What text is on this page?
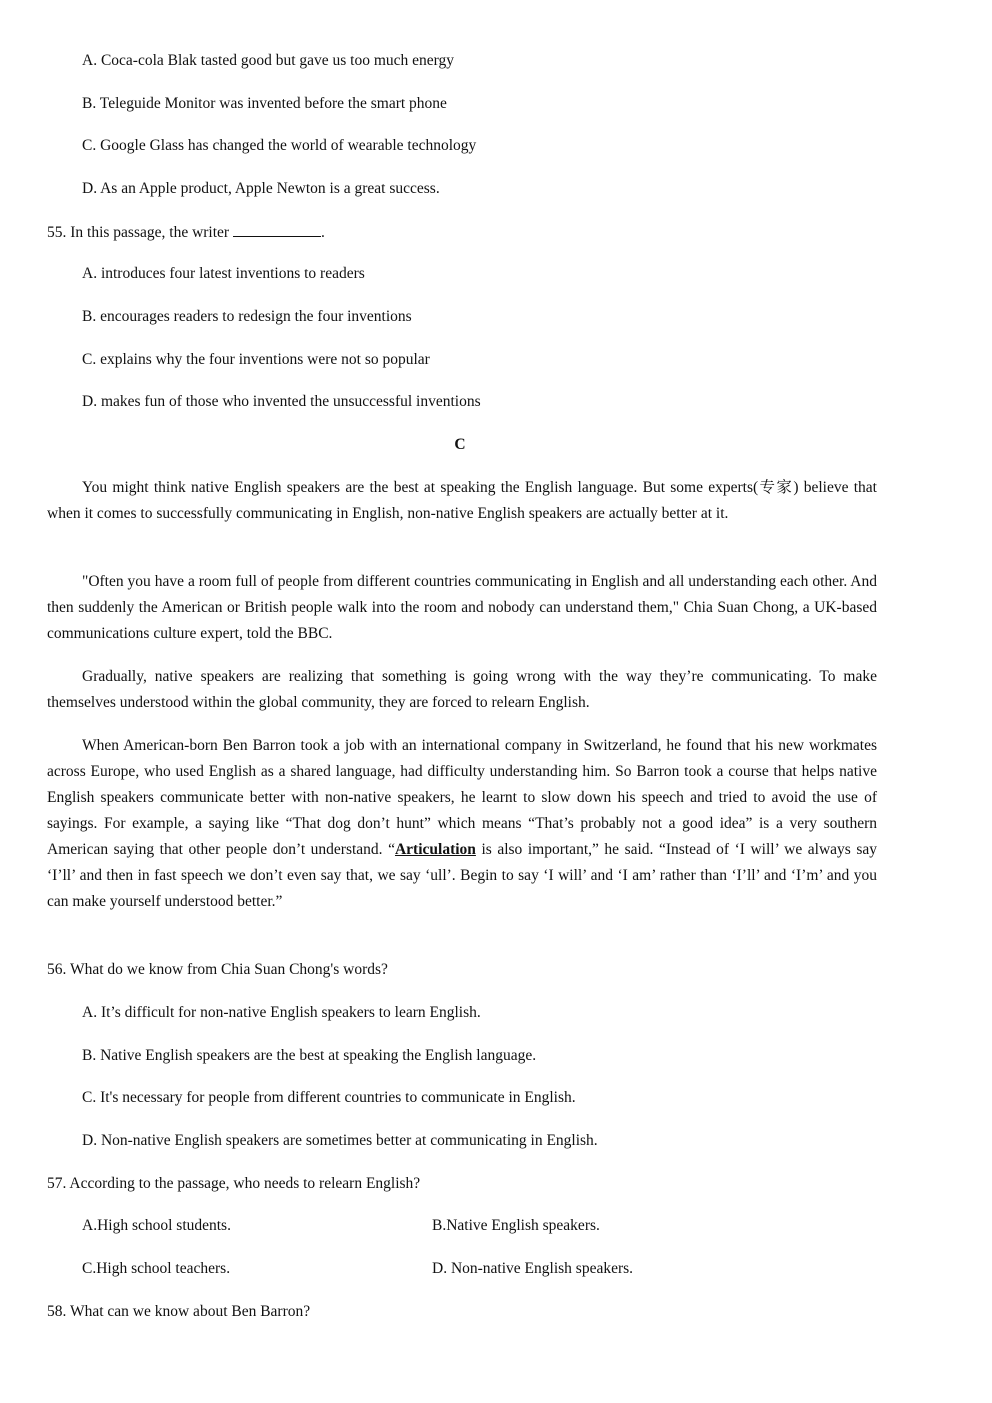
A. Coca-cola Blak tasted good but gave us too much energy
B. Teleguide Monitor was invented before the smart phone
C. Google Glass has changed the world of wearable technology
D. As an Apple product, Apple Newton is a great success.
55. In this passage, the writer	.
A. introduces four latest inventions to readers
B. encourages readers to redesign the four inventions
C. explains why the four inventions were not so popular
D. makes fun of those who invented the unsuccessful inventions
C
You might think native English speakers are the best at speaking the English language. But some experts(专家) believe that when it comes to successfully communicating in English, non-native English speakers are actually better at it.
"Often you have a room full of people from different countries communicating in English and all understanding each other. And then suddenly the American or British people walk into the room and nobody can understand them," Chia Suan Chong, a UK-based communications culture expert, told the BBC.
Gradually, native speakers are realizing that something is going wrong with the way they’re communicating. To make themselves understood within the global community, they are forced to relearn English.
When American-born Ben Barron took a job with an international company in Switzerland, he found that his new workmates across Europe, who used English as a shared language, had difficulty understanding him. So Barron took a course that helps native English speakers communicate better with non-native speakers, he learnt to slow down his speech and tried to avoid the use of sayings. For example, a saying like “That dog don’t hunt” which means “That’s probably not a good idea” is a very southern American saying that other people don’t understand. “Articulation is also important,” he said. “Instead of ‘I will’ we always say ‘I’ll’ and then in fast speech we don’t even say that, we say ‘ull’. Begin to say ‘I will’ and ‘I am’ rather than ‘I’ll’ and ‘I’m’ and you can make yourself understood better.”
56. What do we know from Chia Suan Chong's words?
A. It’s difficult for non-native English speakers to learn English.
B. Native English speakers are the best at speaking the English language.
C. It's necessary for people from different countries to communicate in English.
D. Non-native English speakers are sometimes better at communicating in English.
57. According to the passage, who needs to relearn English?
A.High school students.	B.Native English speakers.
C.High school teachers.	D. Non-native English speakers.
58. What can we know about Ben Barron?
